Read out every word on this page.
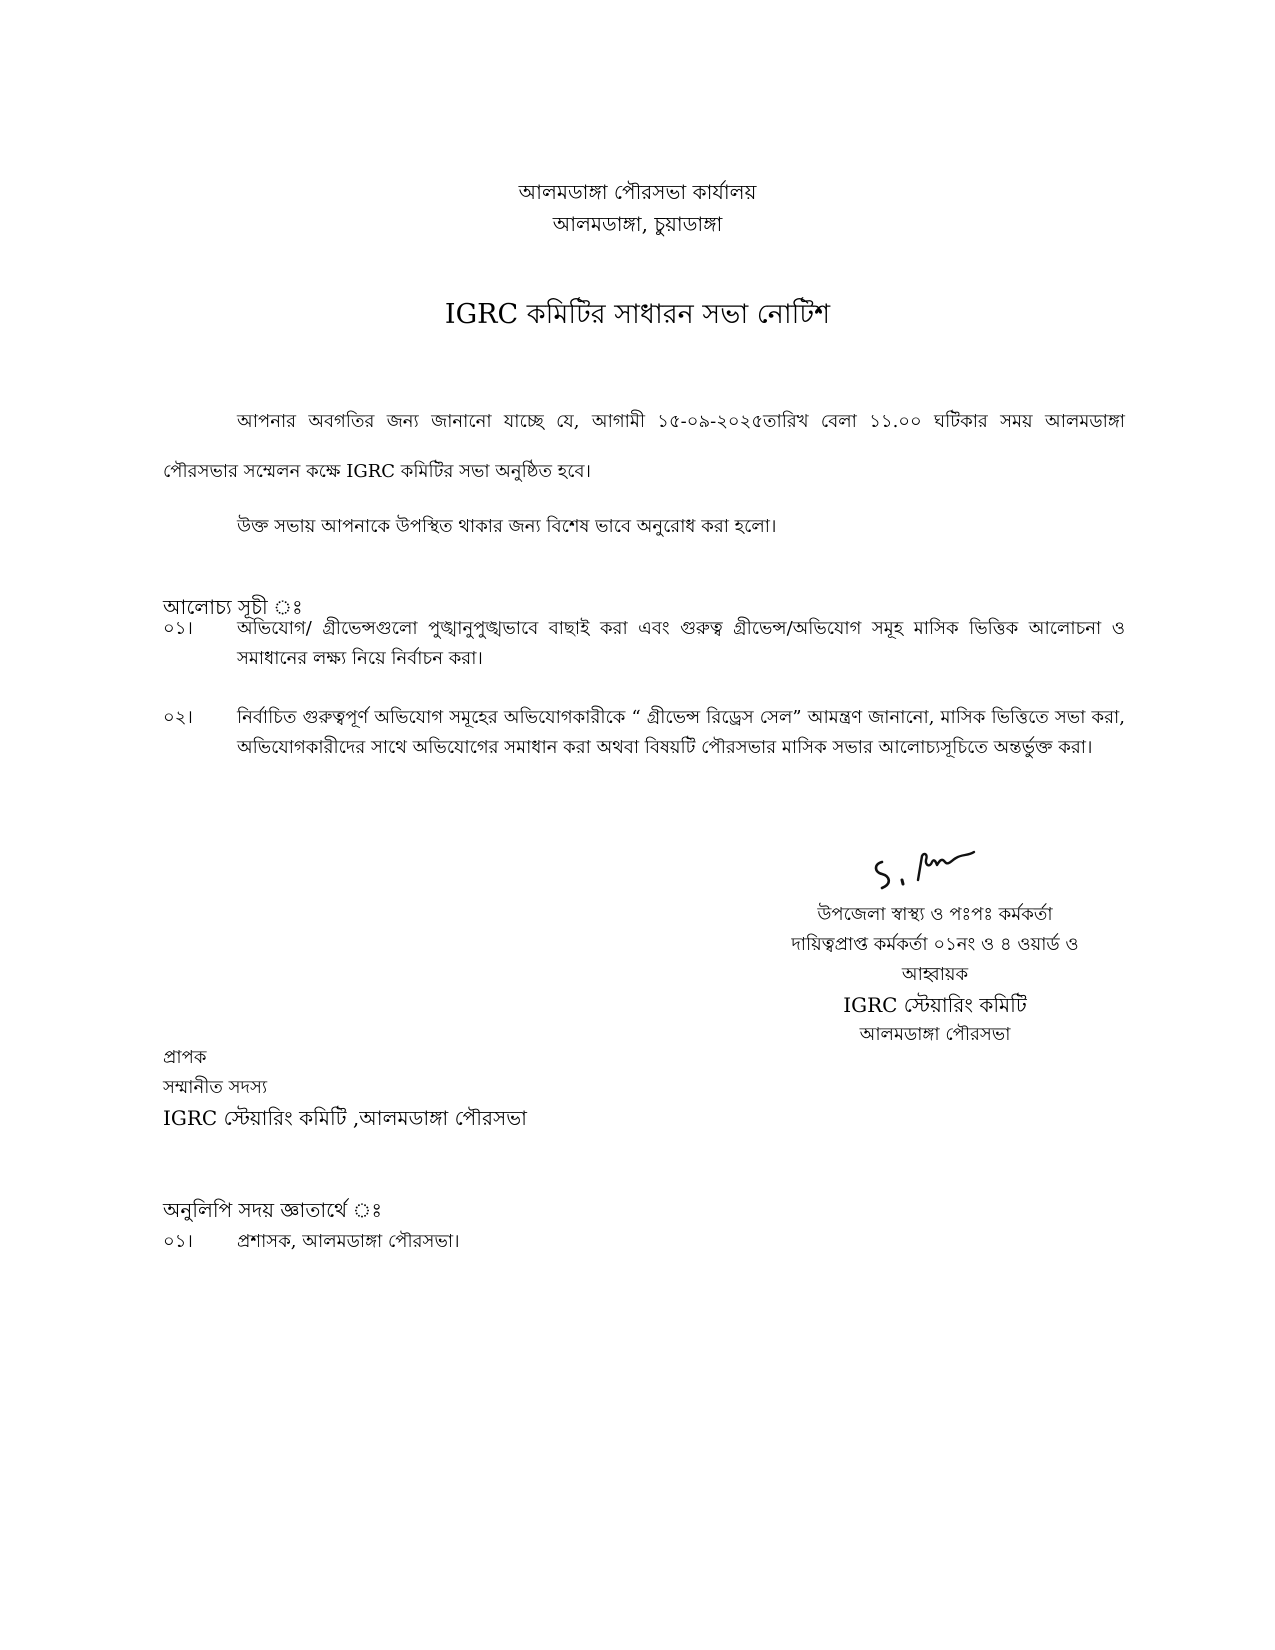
আলমডাঙ্গা পৌরসভা কার্যালয়
আলমডাঙ্গা, চুয়াডাঙ্গা
IGRC কমিটির সাধারন সভা নোটিশ
আপনার অবগতির জন্য জানানো যাচ্ছে যে, আগামী ১৫-০৯-২০২৫তারিখ বেলা ১১.০০ ঘটিকার সময় আলমডাঙ্গা পৌরসভার সম্মেলন কক্ষে IGRC কমিটির সভা অনুষ্ঠিত হবে।
উক্ত সভায় আপনাকে উপস্থিত থাকার জন্য বিশেষ ভাবে অনুরোধ করা হলো।
আলোচ্য সূচী ঃ
০১।	অভিযোগ/ গ্রীভেন্সগুলো পুঙ্খানুপুঙ্খভাবে বাছাই করা এবং গুরুত্ব গ্রীভেন্স/অভিযোগ সমূহ মাসিক ভিত্তিক আলোচনা ও সমাধানের লক্ষ্য নিয়ে নির্বাচন করা।
০২।	নির্বাচিত গুরুত্বপূর্ণ অভিযোগ সমূহের অভিযোগকারীকে “ গ্রীভেন্স রিড্রেস সেল” আমন্ত্রণ জানানো, মাসিক ভিত্তিতে সভা করা, অভিযোগকারীদের সাথে অভিযোগের সমাধান করা অথবা বিষয়টি পৌরসভার মাসিক সভার আলোচ্যসূচিতে অন্তর্ভুক্ত করা।
উপজেলা স্বাস্থ্য ও পঃপঃ কর্মকর্তা
দায়িত্বপ্রাপ্ত কর্মকর্তা ০১নং ও ৪ ওয়ার্ড ও
আহ্বায়ক
IGRC স্টেয়ারিং কমিটি
আলমডাঙ্গা পৌরসভা
প্রাপক
সম্মানীত সদস্য
IGRC স্টেয়ারিং কমিটি ,আলমডাঙ্গা পৌরসভা
অনুলিপি সদয় জ্ঞাতার্থে ঃ
০১।	প্রশাসক, আলমডাঙ্গা পৌরসভা।
